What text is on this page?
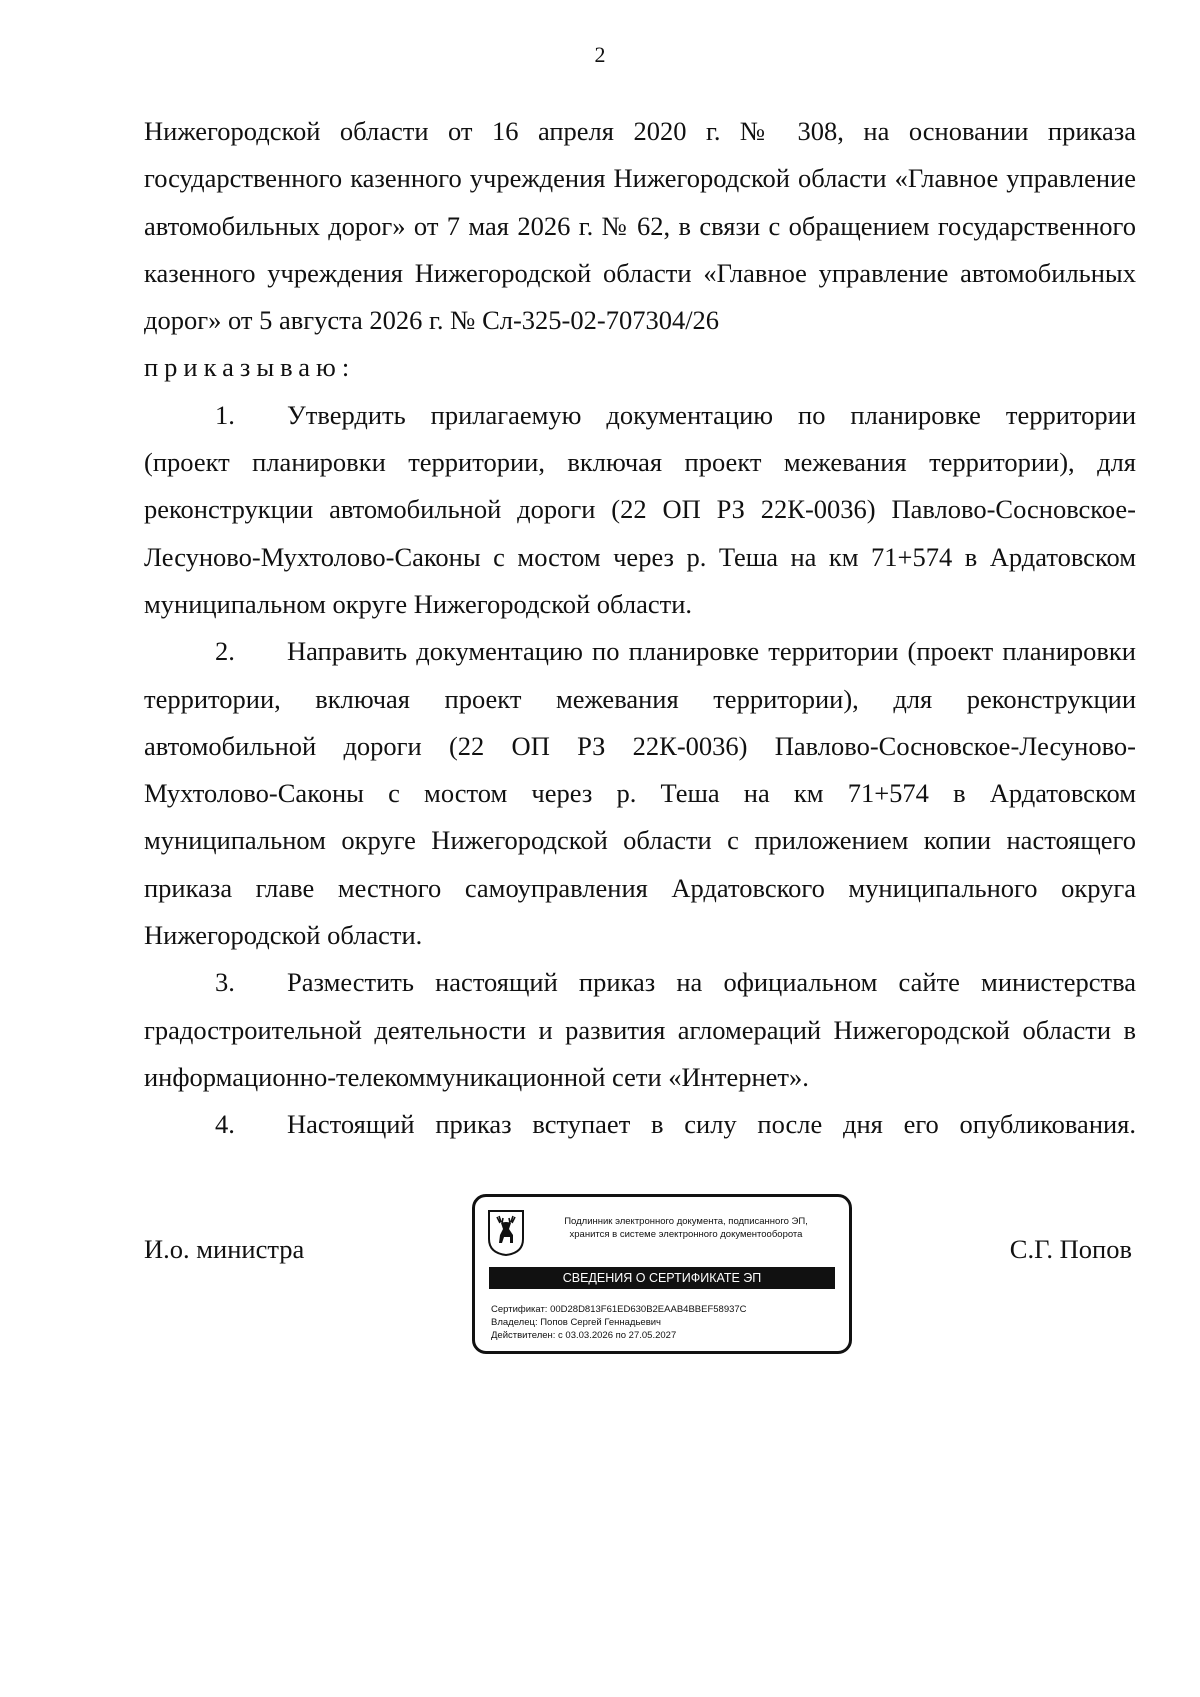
2

Нижегородской области от 16 апреля 2020 г. № 308, на основании приказа государственного казенного учреждения Нижегородской области «Главное управление автомобильных дорог» от 7 мая 2026 г. № 62, в связи с обращением государственного казенного учреждения Нижегородской области «Главное управление автомобильных дорог» от 5 августа 2026 г. № Сл-325-02-707304/26

приказываю:

1. Утвердить прилагаемую документацию по планировке территории (проект планировки территории, включая проект межевания территории), для реконструкции автомобильной дороги (22 ОП РЗ 22К-0036) Павлово-Сосновское-Лесуново-Мухтолово-Саконы с мостом через р. Теша на км 71+574 в Ардатовском муниципальном округе Нижегородской области.

2. Направить документацию по планировке территории (проект планировки территории, включая проект межевания территории), для реконструкции автомобильной дороги (22 ОП РЗ 22К-0036) Павлово-Сосновское-Лесуново-Мухтолово-Саконы с мостом через р. Теша на км 71+574 в Ардатовском муниципальном округе Нижегородской области с приложением копии настоящего приказа главе местного самоуправления Ардатовского муниципального округа Нижегородской области.

3. Разместить настоящий приказ на официальном сайте министерства градостроительной деятельности и развития агломераций Нижегородской области в информационно-телекоммуникационной сети «Интернет».

4. Настоящий приказ вступает в силу после дня его опубликования.

И.о. министра	С.Г. Попов
Подлинник электронного документа, подписанного ЭП,
хранится в системе электронного документооборота
СВЕДЕНИЯ О СЕРТИФИКАТЕ ЭП
Сертификат: 00D28D813F61ED630B2EAAB4BBEF58937C
Владелец: Попов Сергей Геннадьевич
Действителен: с 03.03.2026 по 27.05.2027
